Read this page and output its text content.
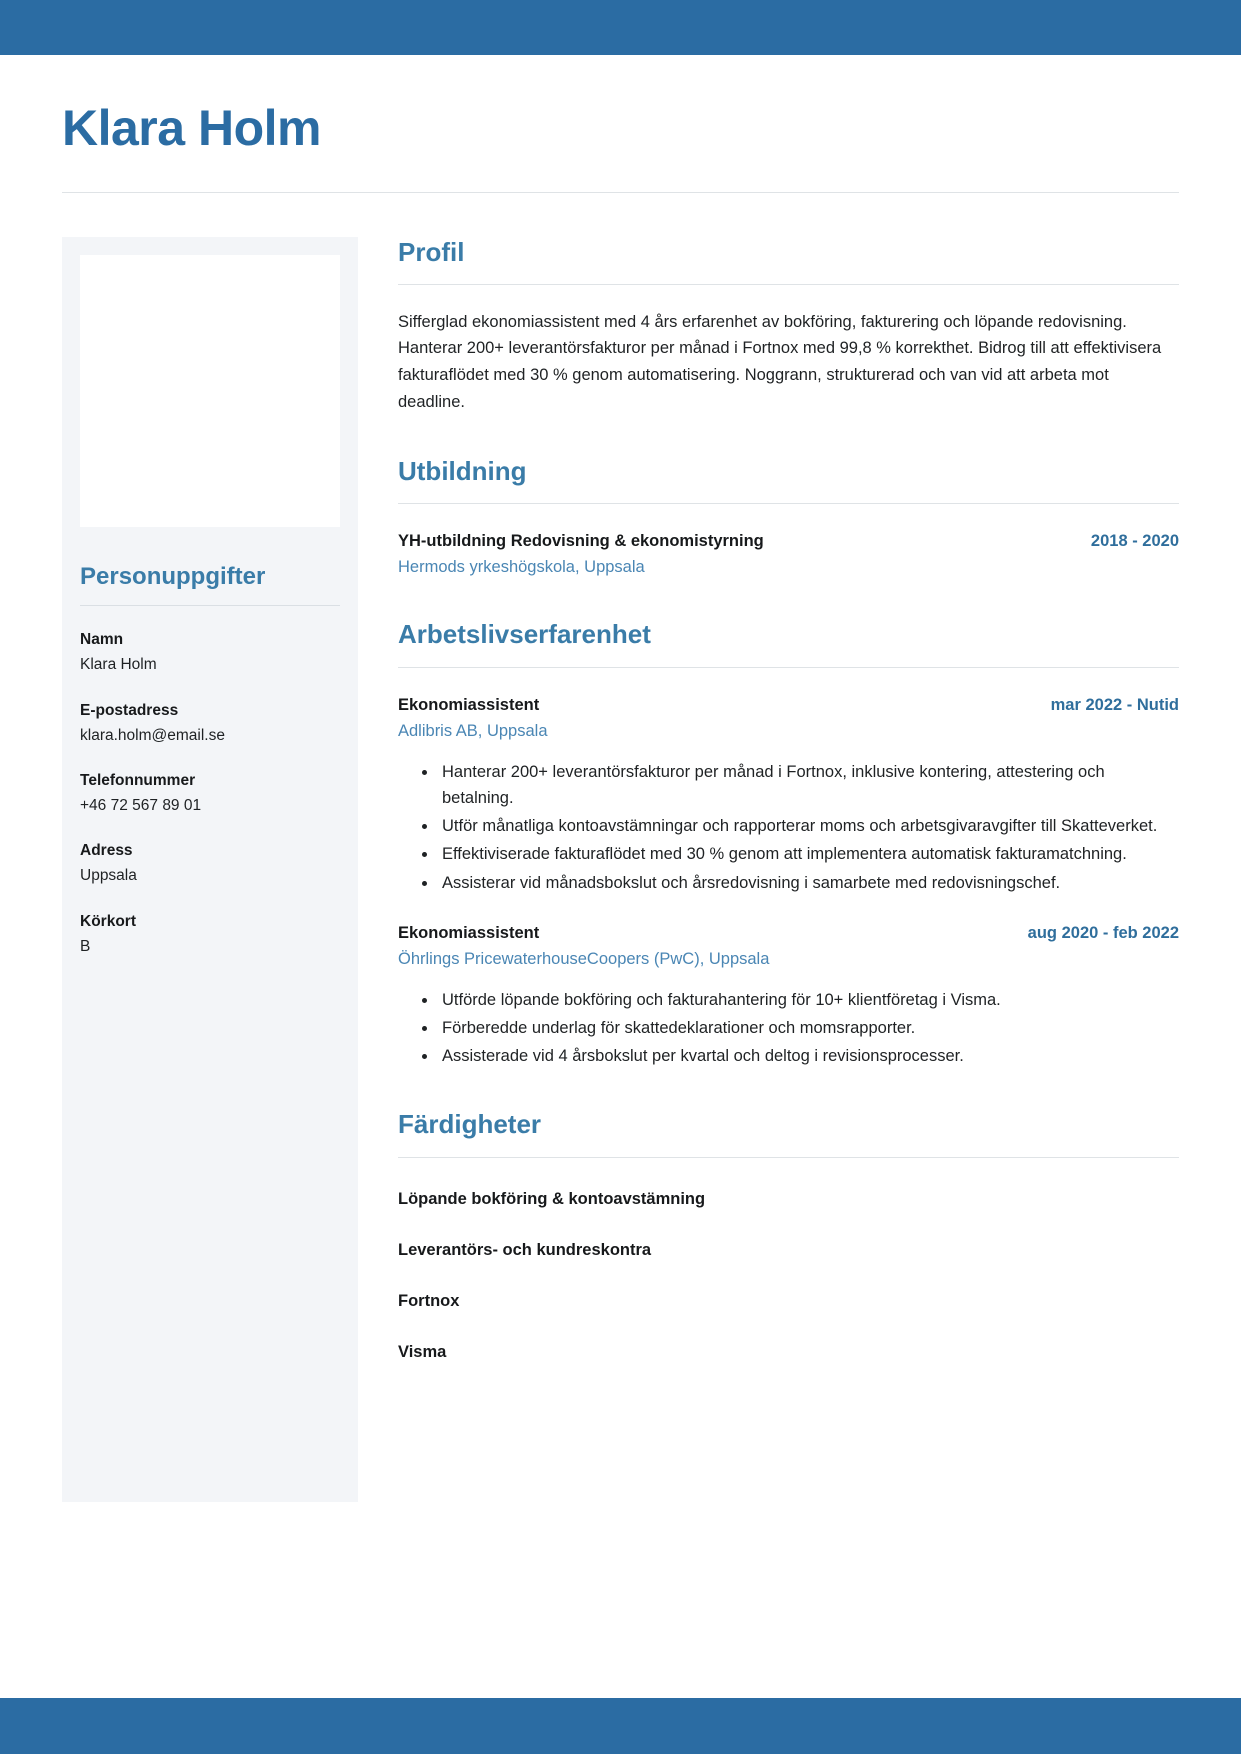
Klara Holm
Personuppgifter
Namn
Klara Holm
E-postadress
klara.holm@email.se
Telefonnummer
+46 72 567 89 01
Adress
Uppsala
Körkort
B
Profil

Sifferglad ekonomiassistent med 4 års erfarenhet av bokföring, fakturering och löpande redovisning. Hanterar 200+ leverantörsfakturor per månad i Fortnox med 99,8 % korrekthet. Bidrog till att effektivisera fakturaflödet med 30 % genom automatisering. Noggrann, strukturerad och van vid att arbeta mot deadline.

Utbildning
YH-utbildning Redovisning & ekonomistyrning	2018 - 2020
Hermods yrkeshögskola, Uppsala
Arbetslivserfarenhet
Ekonomiassistent	mar 2022 - Nutid
Adlibris AB, Uppsala
• Hanterar 200+ leverantörsfakturor per månad i Fortnox, inklusive kontering, attestering och betalning.
• Utför månatliga kontoavstämningar och rapporterar moms och arbetsgivaravgifter till Skatteverket.
• Effektiviserade fakturaflödet med 30 % genom att implementera automatisk fakturamatchning.
• Assisterar vid månadsbokslut och årsredovisning i samarbete med redovisningschef.
Ekonomiassistent	aug 2020 - feb 2022
Öhrlings PricewaterhouseCoopers (PwC), Uppsala
• Utförde löpande bokföring och fakturahantering för 10+ klientföretag i Visma.
• Förberedde underlag för skattedeklarationer och momsrapporter.
• Assisterade vid 4 årsbokslut per kvartal och deltog i revisionsprocesser.
Färdigheter
Löpande bokföring & kontoavstämning
Leverantörs- och kundreskontra
Fortnox
Visma
